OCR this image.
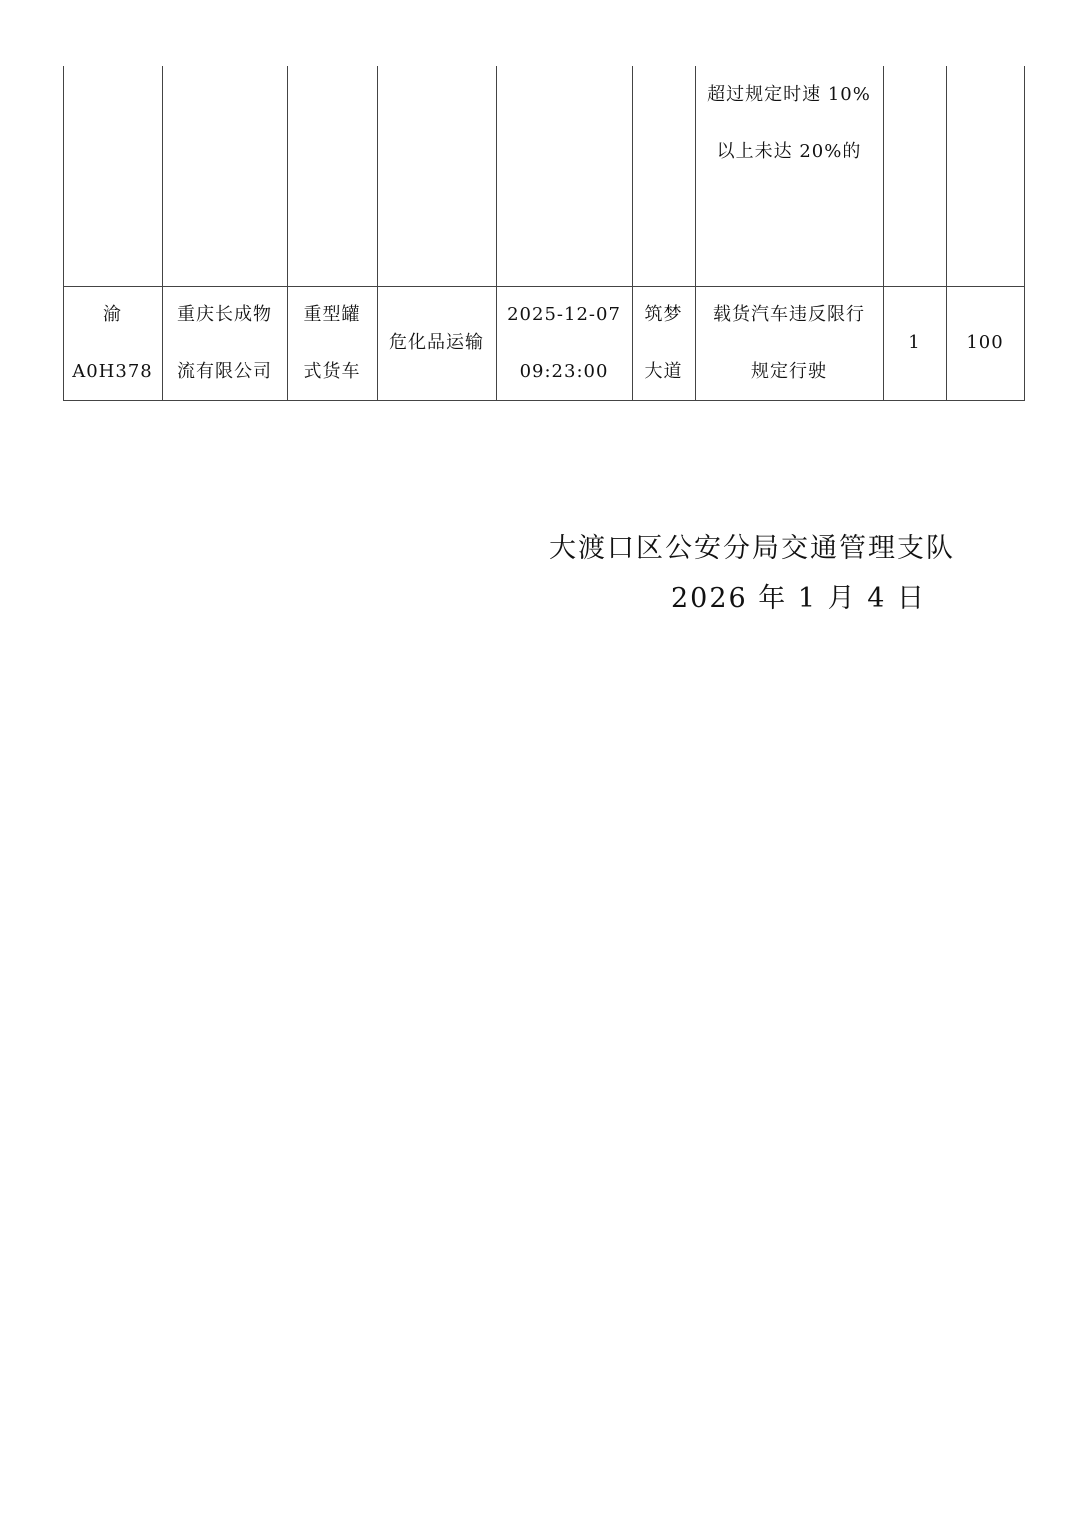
超过规定时速 10%
以上未达 20%的
渝
A0H378
重庆长成物
流有限公司
重型罐
式货车
危化品运输
2025-12-07
09:23:00
筑梦
大道
载货汽车违反限行
规定行驶
1	100
大渡口区公安分局交通管理支队
2026 年 1 月 4 日
